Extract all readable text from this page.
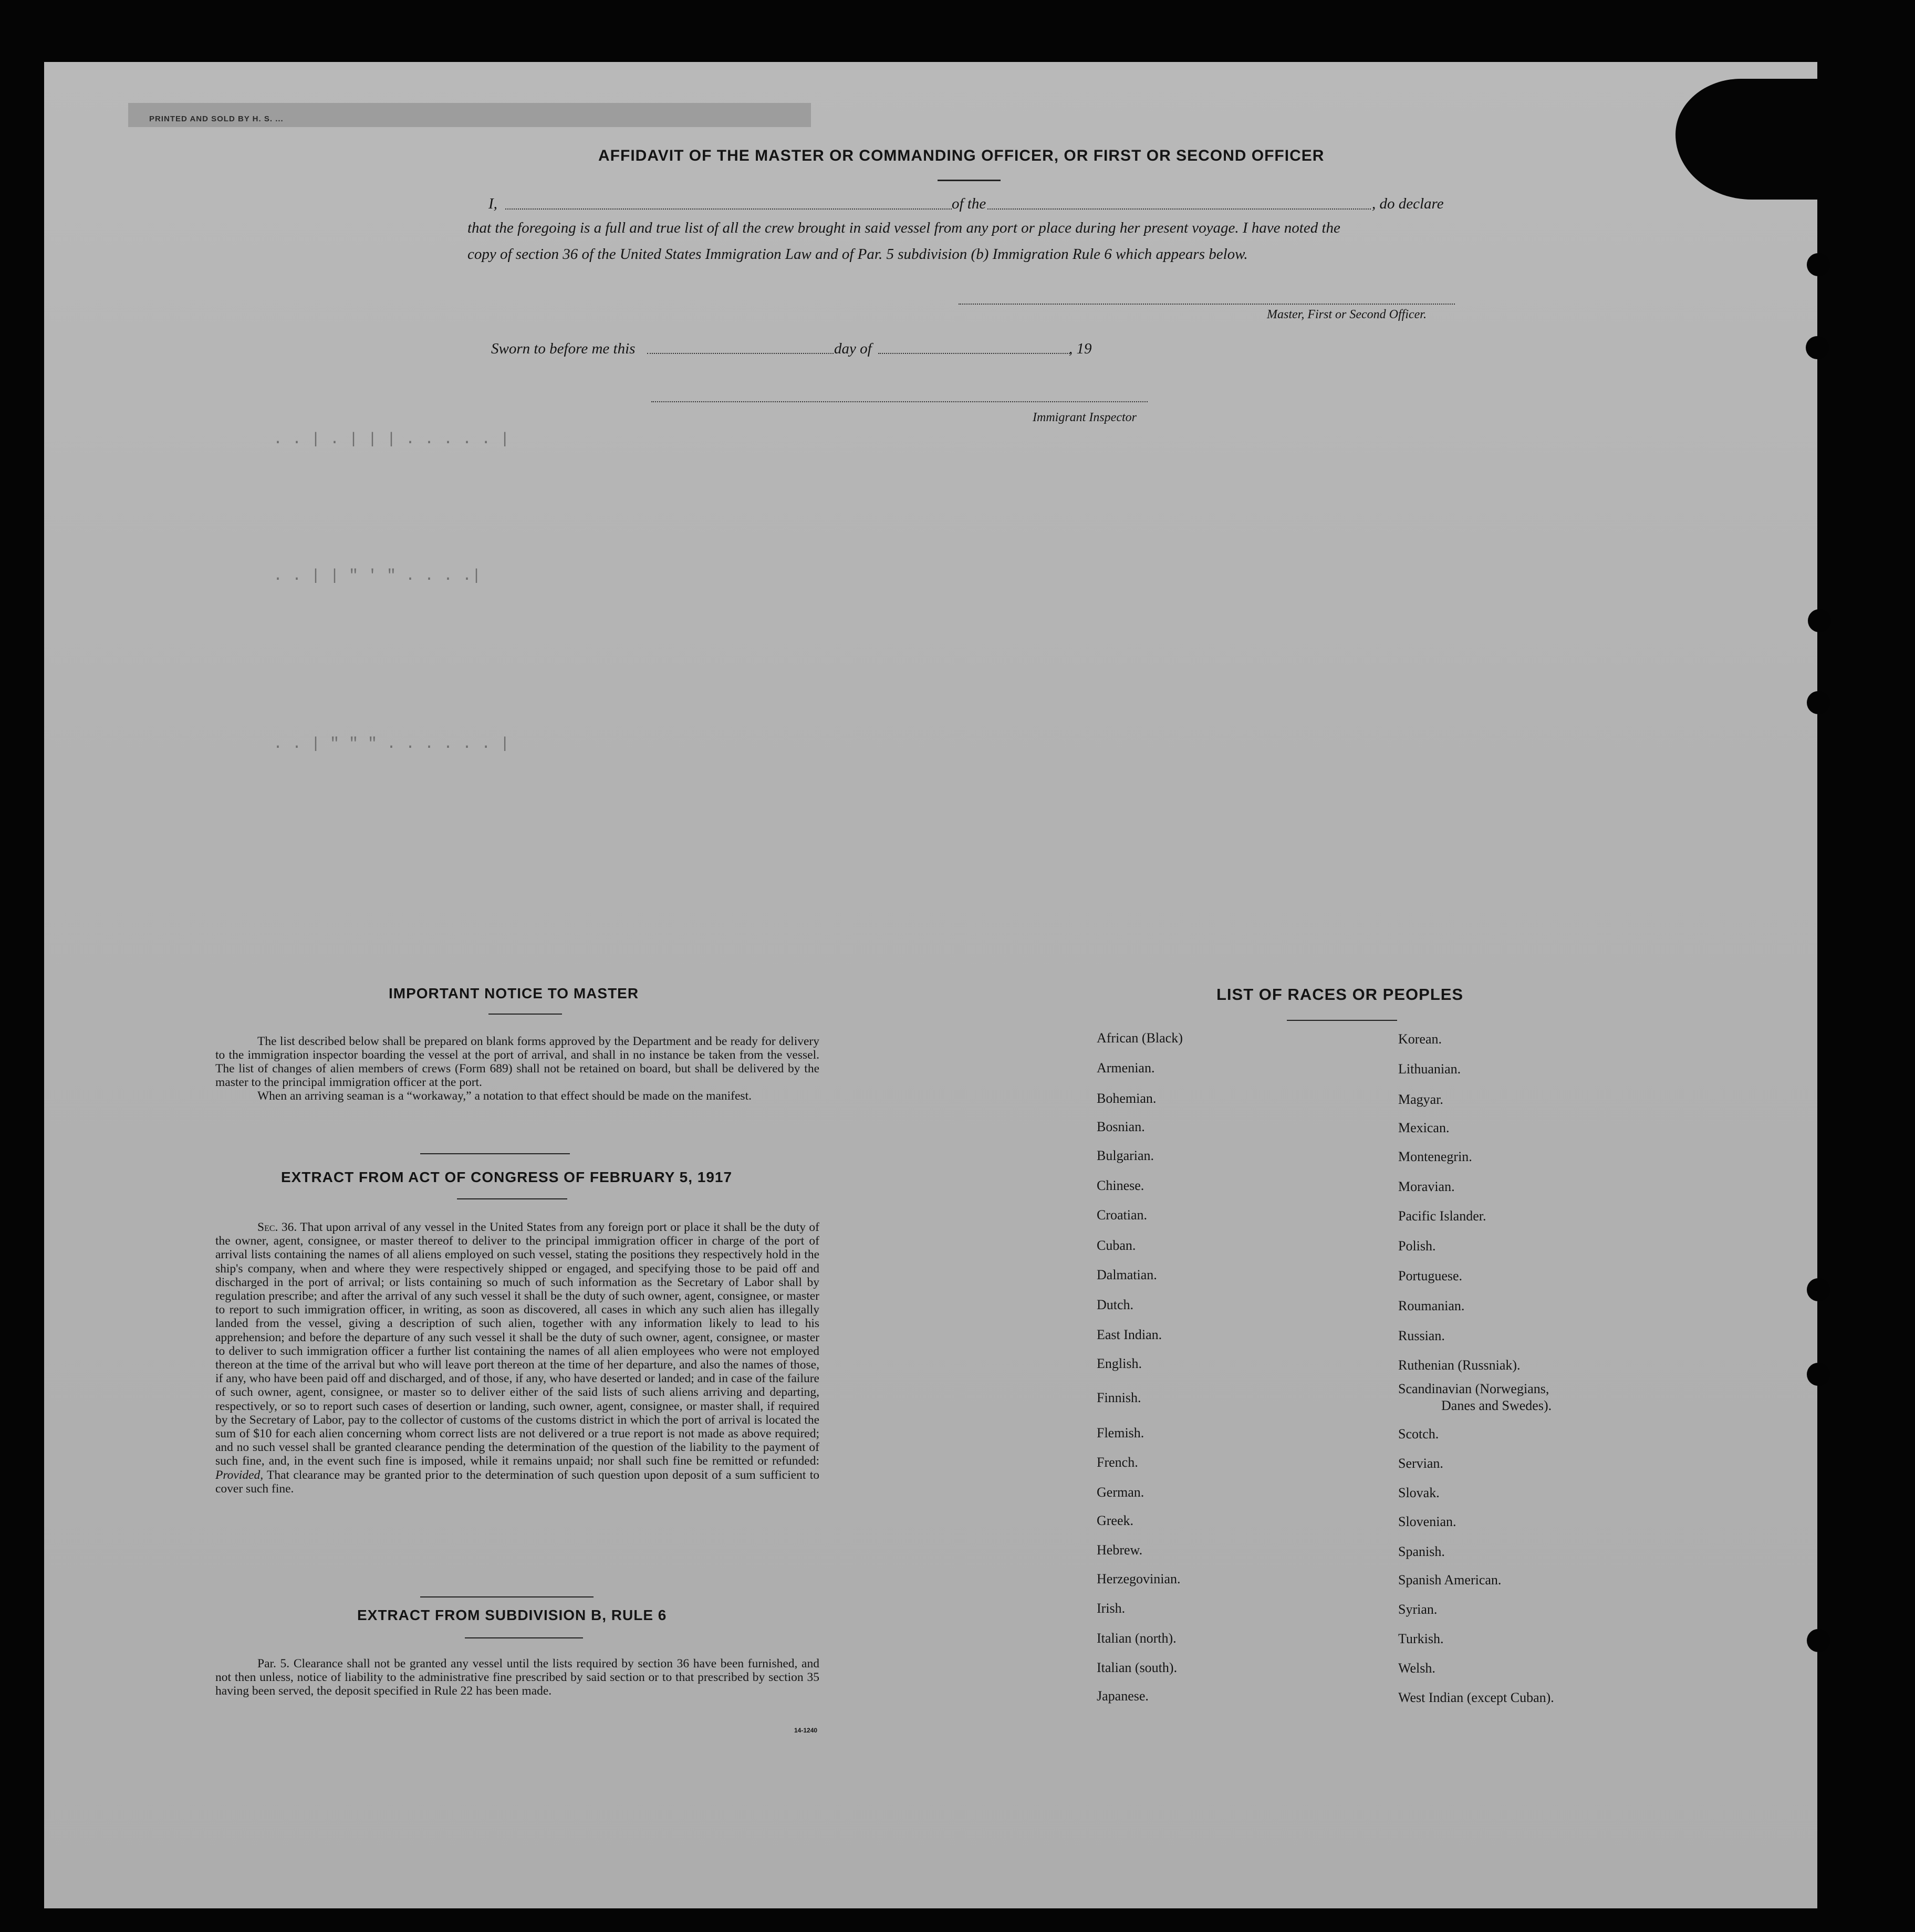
PRINTED AND SOLD BY H. S. ...
. . | . | | | . . . . . |
. . | | " ' " . . . .|
. . | " " " . . . . . . |
AFFIDAVIT OF THE MASTER OR COMMANDING OFFICER, OR FIRST OR SECOND OFFICER
I,	of the	, do declare
that the foregoing is a full and true list of all the crew brought in said vessel from any port or place during her present voyage. I have noted the
copy of section 36 of the United States Immigration Law and of Par. 5 subdivision (b) Immigration Rule 6 which appears below.
Master, First or Second Officer.
Sworn to before me this	day of	, 19
Immigrant Inspector
IMPORTANT NOTICE TO MASTER

The list described below shall be prepared on blank forms approved by the Department and be ready for delivery to the immigration inspector boarding the vessel at the port of arrival, and shall in no instance be taken from the vessel. The list of changes of alien members of crews (Form 689) shall not be retained on board, but shall be delivered by the master to the principal immigration officer at the port.

When an arriving seaman is a “workaway,” a notation to that effect should be made on the manifest.

EXTRACT FROM ACT OF CONGRESS OF FEBRUARY 5, 1917
Sec. 36. That upon arrival of any vessel in the United States from any foreign port or place it shall be the duty of the owner, agent, consignee, or master thereof to deliver to the principal immigration officer in charge of the port of arrival lists containing the names of all aliens employed on such vessel, stating the positions they respectively hold in the ship's company, when and where they were respectively shipped or engaged, and specifying those to be paid off and discharged in the port of arrival; or lists containing so much of such information as the Secretary of Labor shall by regulation prescribe; and after the arrival of any such vessel it shall be the duty of such owner, agent, consignee, or master to report to such immigration officer, in writing, as soon as discovered, all cases in which any such alien has illegally landed from the vessel, giving a description of such alien, together with any information likely to lead to his apprehension; and before the departure of any such vessel it shall be the duty of such owner, agent, consignee, or master to deliver to such immigration officer a further list containing the names of all alien employees who were not employed thereon at the time of the arrival but who will leave port thereon at the time of her departure, and also the names of those, if any, who have been paid off and discharged, and of those, if any, who have deserted or landed; and in case of the failure of such owner, agent, consignee, or master so to deliver either of the said lists of such aliens arriving and departing, respectively, or so to report such cases of desertion or landing, such owner, agent, consignee, or master shall, if required by the Secretary of Labor, pay to the collector of customs of the customs district in which the port of arrival is located the sum of $10 for each alien concerning whom correct lists are not delivered or a true report is not made as above required; and no such vessel shall be granted clearance pending the determination of the question of the liability to the payment of such fine, and, in the event such fine is imposed, while it remains unpaid; nor shall such fine be remitted or refunded: Provided, That clearance may be granted prior to the determination of such question upon deposit of a sum sufficient to cover such fine.
EXTRACT FROM SUBDIVISION B, RULE 6
Par. 5. Clearance shall not be granted any vessel until the lists required by section 36 have been furnished, and not then unless, notice of liability to the administrative fine prescribed by said section or to that prescribed by section 35 having been served, the deposit specified in Rule 22 has been made.
14-1240
LIST OF RACES OR PEOPLES
African (Black)
Armenian.
Bohemian.
Bosnian.
Bulgarian.
Chinese.
Croatian.
Cuban.
Dalmatian.
Dutch.
East Indian.
English.
Finnish.
Flemish.
French.
German.
Greek.
Hebrew.
Herzegovinian.
Irish.
Italian (north).
Italian (south).
Japanese.
Korean.
Lithuanian.
Magyar.
Mexican.
Montenegrin.
Moravian.
Pacific Islander.
Polish.
Portuguese.
Roumanian.
Russian.
Ruthenian (Russniak).
Scandinavian (Norwegians,
Danes and Swedes).
Scotch.
Servian.
Slovak.
Slovenian.
Spanish.
Spanish American.
Syrian.
Turkish.
Welsh.
West Indian (except Cuban).
